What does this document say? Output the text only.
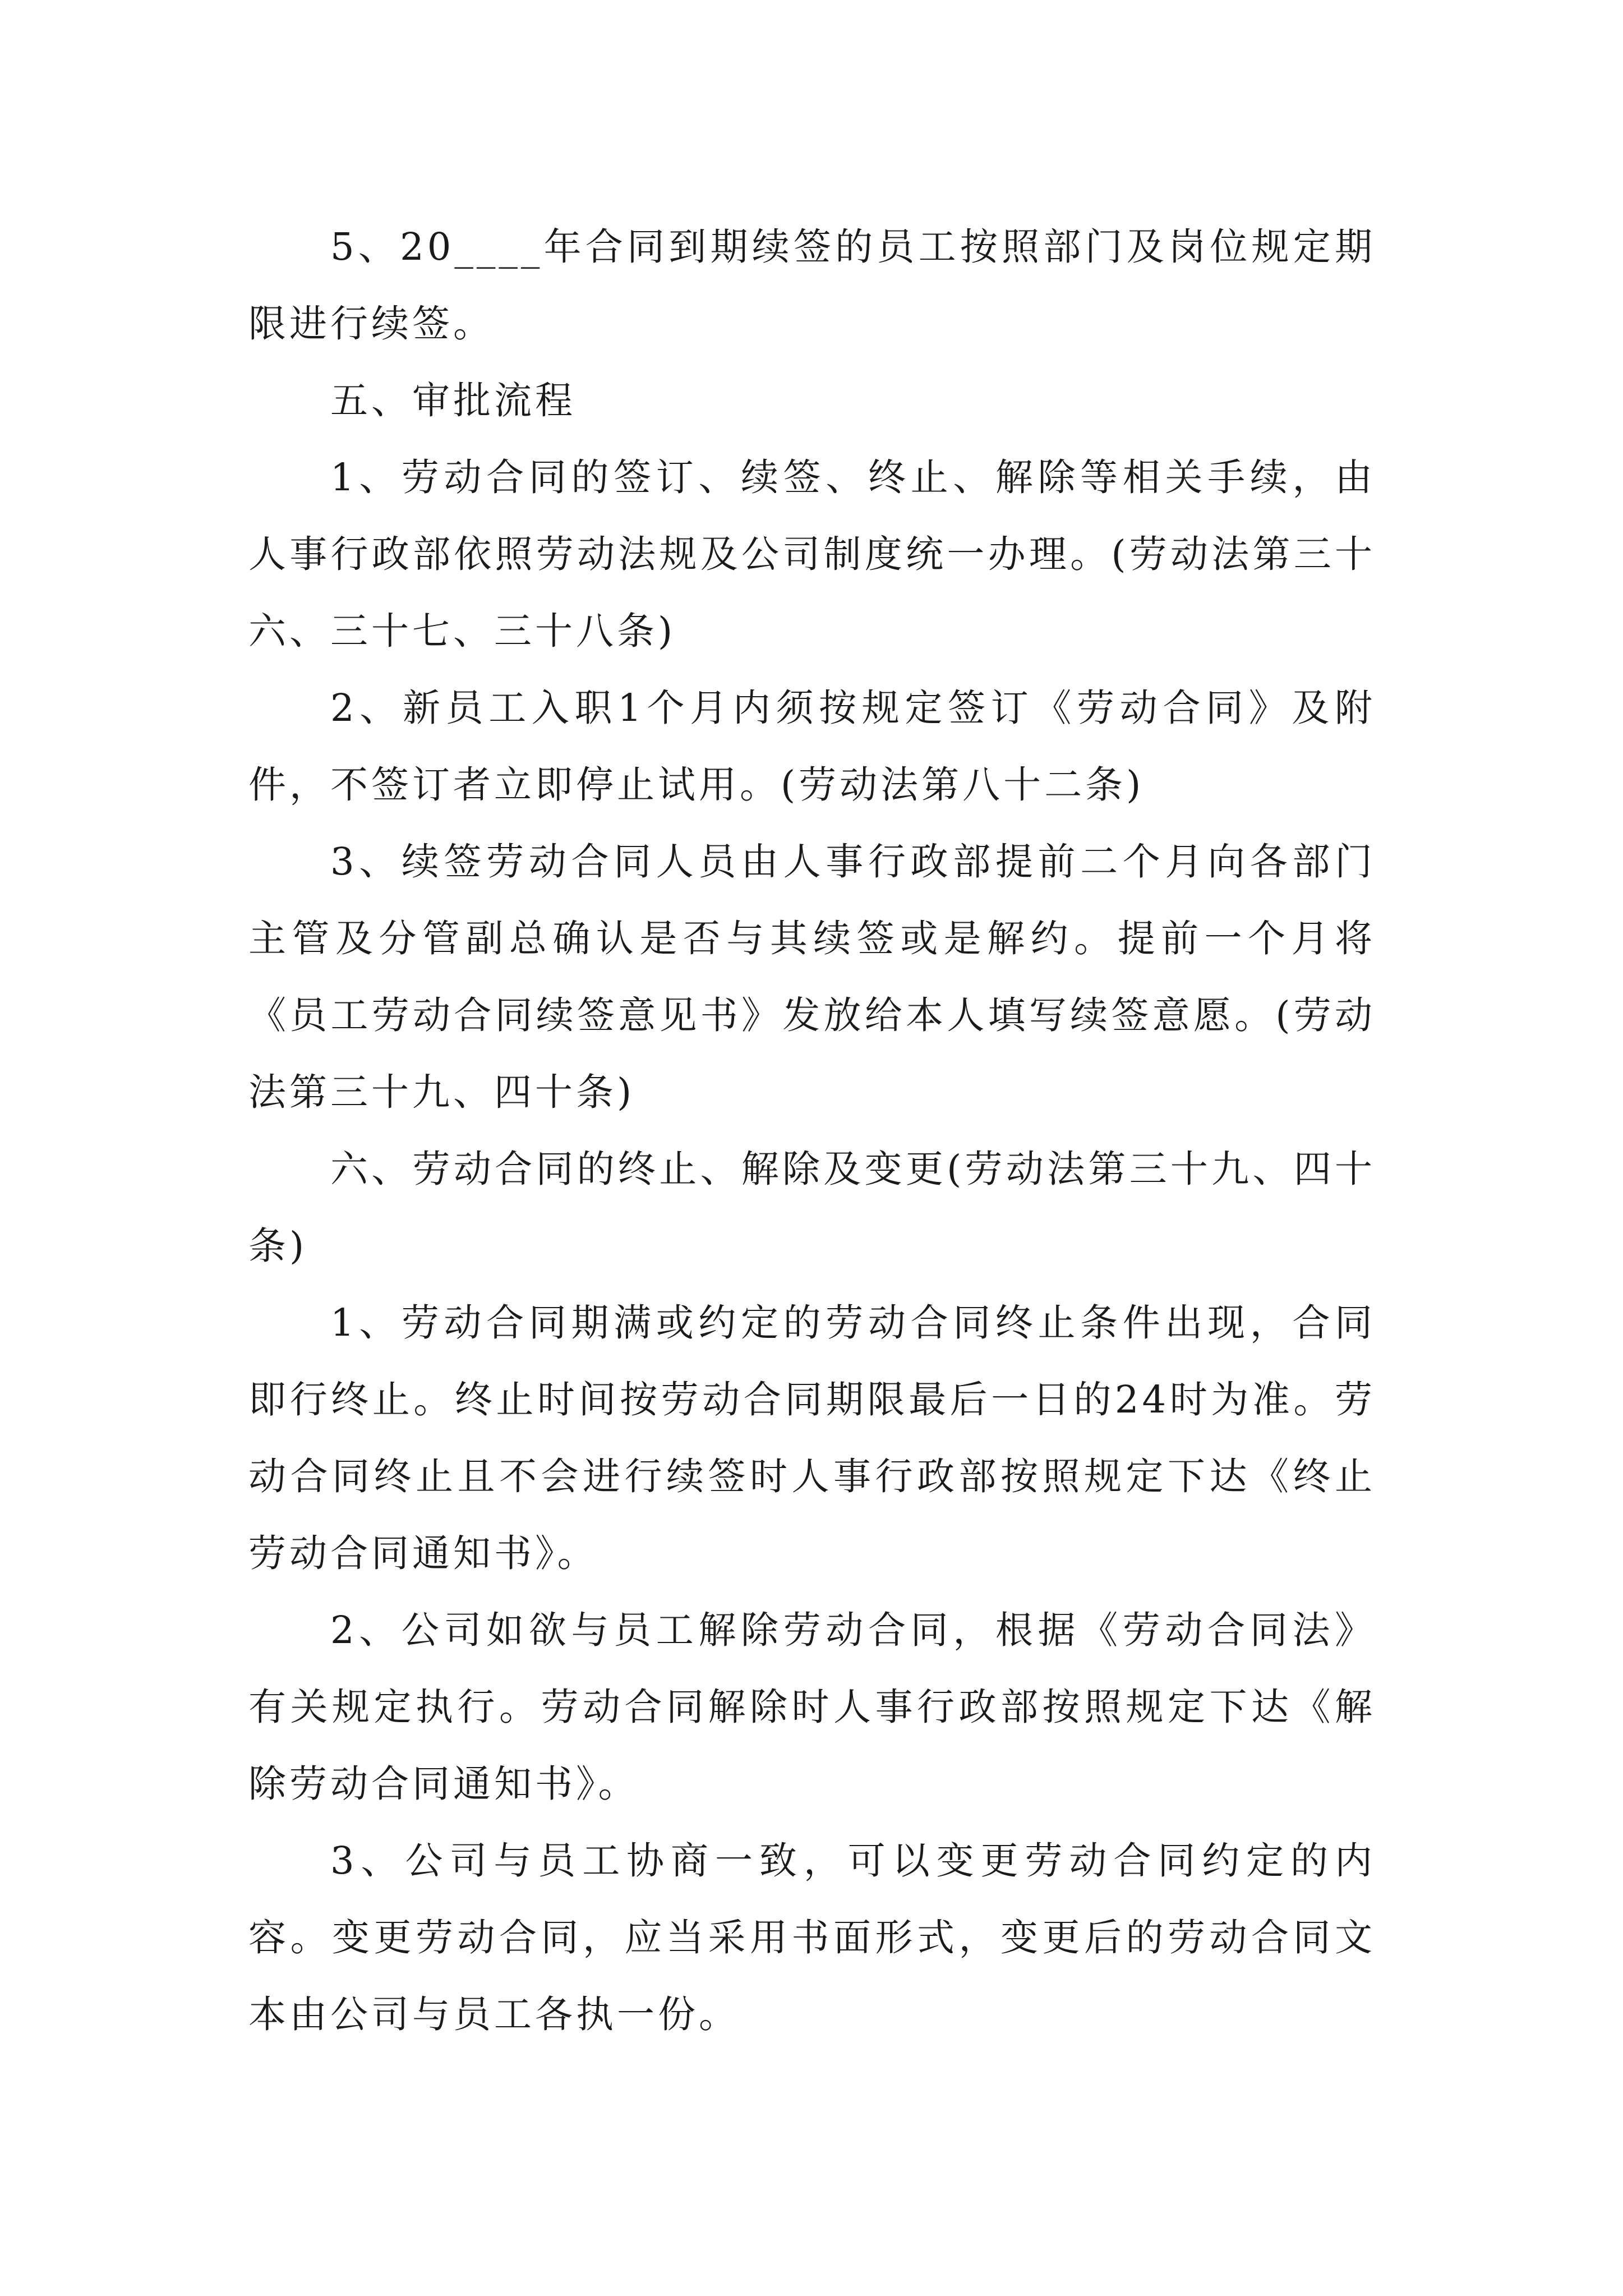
5、20____年合同到期续签的员工按照部门及岗位规定期限进行续签。

五、审批流程

1、劳动合同的签订、续签、终止、解除等相关手续，由人事行政部依照劳动法规及公司制度统一办理。(劳动法第三十六、三十七、三十八条)

2、新员工入职1个月内须按规定签订《劳动合同》及附件，不签订者立即停止试用。(劳动法第八十二条)

3、续签劳动合同人员由人事行政部提前二个月向各部门主管及分管副总确认是否与其续签或是解约。提前一个月将《员工劳动合同续签意见书》发放给本人填写续签意愿。(劳动法第三十九、四十条)

六、劳动合同的终止、解除及变更(劳动法第三十九、四十条)

1、劳动合同期满或约定的劳动合同终止条件出现，合同即行终止。终止时间按劳动合同期限最后一日的24时为准。劳动合同终止且不会进行续签时人事行政部按照规定下达《终止劳动合同通知书》。

2、公司如欲与员工解除劳动合同，根据《劳动合同法》有关规定执行。劳动合同解除时人事行政部按照规定下达《解除劳动合同通知书》。

3、公司与员工协商一致，可以变更劳动合同约定的内容。变更劳动合同，应当采用书面形式，变更后的劳动合同文本由公司与员工各执一份。
